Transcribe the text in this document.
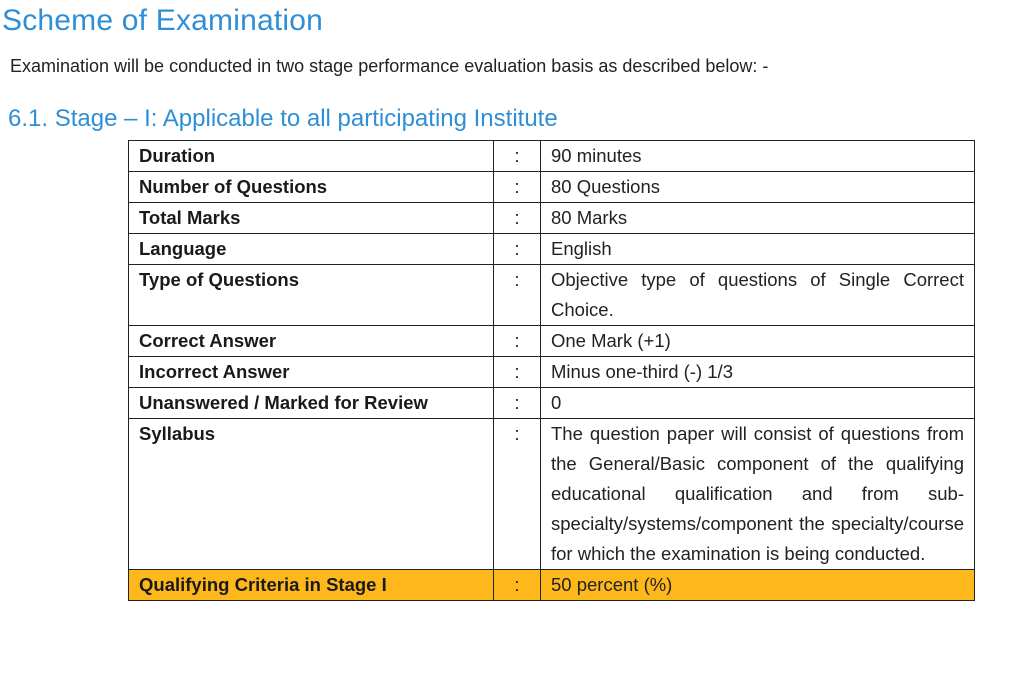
Scheme of Examination

Examination will be conducted in two stage performance evaluation basis as described below: -

6.1. Stage – I: Applicable to all participating Institute
Duration	:	90 minutes
Number of Questions	:	80 Questions
Total Marks	:	80 Marks
Language	:	English
Type of Questions	:	Objective type of questions of Single Correct Choice.
Correct Answer	:	One Mark (+1)
Incorrect Answer	:	Minus one-third (-) 1/3
Unanswered / Marked for Review	:	0
Syllabus	:	The question paper will consist of questions from the General/Basic component of the qualifying educational qualification and from sub-specialty/systems/component the specialty/course for which the examination is being conducted.
Qualifying Criteria in Stage I	:	50 percent (%)
